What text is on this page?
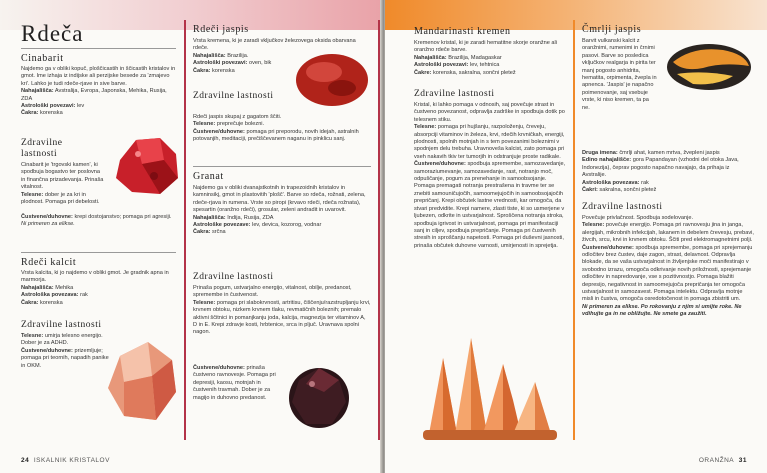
Rdeča
Cinabarit
Najdemo ga v obliki kopuč, ploščicastih in ščicastih kristalov in gmot. Ime izhaja iz indijske ali perzijske besede za 'zmajevo kri'. Lahko je tudi rdeče-rjave in sive barve.
Nahajališča: Avstralija, Evropa, Japonska, Mehika, Rusija, ZDA
Astrološki povezavi: lev
Čakra: korenska
Zdravilne lastnosti
Cinabarit je 'trgovski kamen', ki spodbuja bogastvo ter poslovna in finančna prizadevanja. Prinaša vitalnost.
Telesne: dober je za kri in plodnost. Pomaga pri debelosti.
Čustvene/duhovne: krepi dostojanstvo; pomaga pri agresiji.
Ni primeren za elikse.
Rdeči kalcit
Vrsta kalcita, ki jo najdemo v obliki gmot. Je gradnik apna in marmorja.
Nahajališča: Mehika
Astrološka povezava: rak
Čakra: korenska
Zdravilne lastnosti
Telesne: umirja telesno energijo. Dober je za ADHD.
Čustvene/duhovne: prizemljuje; pomaga pri teornih, napadih panike in OKM.
Rdeči jaspis
Vrsta kremena, ki je zaradi vključkov železovega oksida obarvana rdeče.
Nahajališča: Brazilija.
Astrološki povezavi: oven, bik
Čakra: korenska
Zdravilne lastnosti
Rdeči jaspis skupaj z gagatom ščiti.
Telesne: preprečuje bolezni.
Čustvene/duhovne: pomaga pri preporodu, novih idejah, astralnih potovanjih, meditaciji, prečiščevanem naganu in pinklicu sanj.
Granat
Najdemo ga v obliki dvanajstkotnih in trapezoidnih kristalov in kamninsikj, gmot in plastovitih 'plošč'. Barve so rdeča, rožnati, zelena, rdeče-rjava in rumena. Vrste so piropi (krvavo rdeči, rdeča rožnata), spesartin (oranžno rdeči), grosular, zeleni andradit in uvarovit.
Nahajališča: Indija, Rusija, ZDA
Astrološke povezave: lev, devica, kozorog, vodnar
Čakra: srčna
Zdravilne lastnosti
Prinaša pogum, ustvarjalno energijo, vitalnost, obilje, predanost, spremembe in čustvenost.
Telesne: pomaga pri slabokrvnosti, artritisu, čiščenju/razstrupljanju krvi, krvnem obtoku, nizkem krvnem tlaku, revmatičnih boleznih; premalo aktivni ščitnici in pomanjkanju joda, kalcija, magnezija ter vitaminov A, D in E. Krepi zdravje kosti, hrbtenice, srca in pljuč. Uravnava spolni nagon.
Čustvene/duhovne: prinaša čustveno ravnovesje. Pomaga pri depresiji, kaosu, motnjah in čustvenih travmah. Dober je za magijo in duhovno predanost.
24 ISKALNIK KRISTALOV
Mandarinasti kremen
Kremenov kristal, ki je zaradi hematitne skorje oranžne ali oranžno rdeče barve.
Nahajališča: Brazilija, Madagaskar
Astrološki povezavi: lev, tehtnica
Čakre: korenska, sakralna, sončni pletež
Zdravilne lastnosti
Kristal, ki lahko pomaga v odnosih, saj povečuje strast in čustveno povezanost, odpravlja zadrške in spodbuja dotik po telesnem stiku.
Telesne: pomaga pri hujšanju, razpoloženju, čreveju, absorpciji vitaminov in železa, krvi, rdečih krvničkah, energiji, plodnosti, spolnih motnjah in s tem povezanimi boleznimi v spodnjem delu trebuha. Uravnoveša kalcist, zato pomaga pri vseh nakavih tkiv ter tumorjih in odstranjuje proste radikale.
Čustvene/duhovne: spodbuja spremembe, samozavedanje, samoraziumevanje, samozavedanje, rast, notranjo moč, odpuščanje, pogum za prenehanje in samoobsojanje. Pomaga premagati notranja prestrašena in travme ter se znebiti samouničujočih, samoomejujočih in samoobsojajočih prepričanj. Krepi občutek lastne vrednosti, kar omogoča, da stvari predvidite. Krepi namere, zlasti tiste, ki so usmerjene v ljubezen, odkrite in ustvarjalnost. Sproščena notranja stroka, spodbuja igrivost in ustvarjalnost, pomaga pri manifestaciji sanj in ciljev, spodbuja prepričanje. Pomaga pri čustvenih stresih in sproščanju napetosti. Pomaga pri duševni jasnosti, prinaša občutek duhovne varnosti, umirjenosti in sprejetja.
Čmrlji jaspis
Barvit vulkanski kalcit z oranžnimi, rumenimi in črnimi pasovi. Barve so posledica vključkov realgarja in pirita ter manj pogosto anhidrita, hematita, orpimenta, žvepla in apnenca. 'Jaspis' je napačno poimenovanje, saj vsebuje vrste, ki niso kremen, ta pa ne.
Druga imena: čmrlji ahat, kamen mrtva, žvepleni jaspis
Edino nahajališče: gora Papandayan (vzhodni del otoka Java, Indonezija), čeprav pogosto napačno navajajo, da prihaja iz Avstralije.
Astrološka povezava: rak
Čakri: sakralna, sončni pletež
Zdravilne lastnosti
Povečuje privlačnost. Spodbuja sodelovanje.
Telesne: povečuje energijo. Pomaga pri ravnovesju jina in janga, alergijah, mikrobnih infekcijah, lakanem in debelem črevesju, prebavi, živcih, srcu, krvi in krvnem obtoku. Ščiti pred elektromagnetnimi polji.
Čustvene/duhovne: spodbuja spremembe, pomaga pri sprejemanju odločitev brez čustev, daje zagon, strast, delavnost. Odpravlja blokade, da se vaša ustvarjalnost in življenjske moči manifestirajo v svobodno izrazu, omogoča odkrivanje novih priložnosti, sprejemanje odločitev in napredovanje, vse s pozitivnostjo. Pomaga blažiti depresijo, negativnost in samoomejujoča prepričanja ter omogoča ustvarjalnost in samozavest. Pomaga intelektu. Odpravlja motnje misli in čustva, omogoča osredotočenost in pomaga zbistriti um.
Ni primeren za elikse. Po rokovanju z njim si umijte roke. Ne vdihujte ga in ne obližujte. Ne smete ga zaužiti.
ORANŽNA 31
